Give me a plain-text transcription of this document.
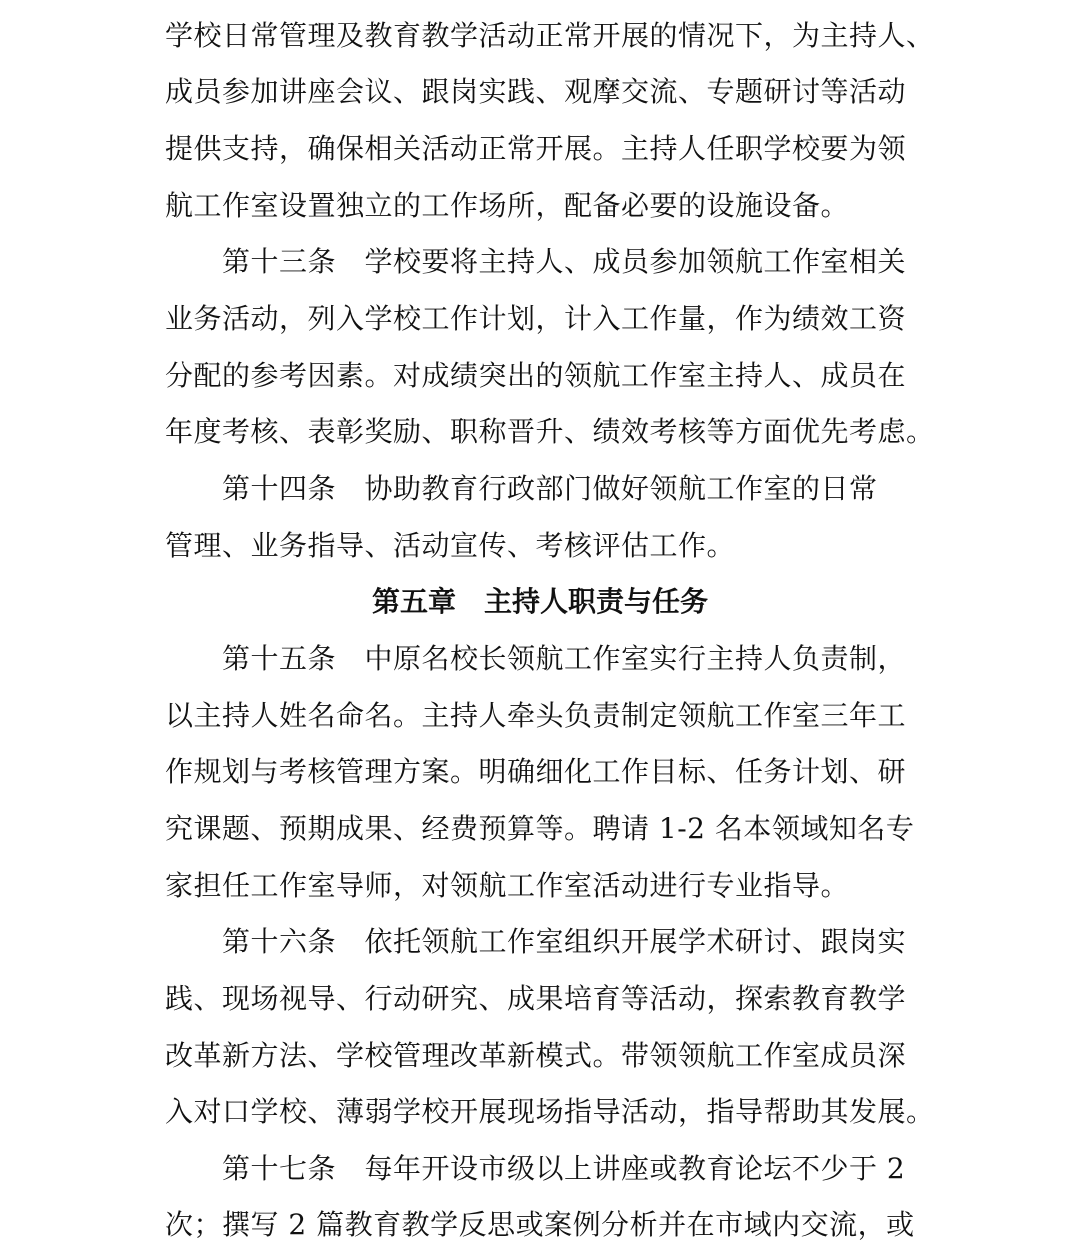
学校日常管理及教育教学活动正常开展的情况下，为主持人、
成员参加讲座会议、跟岗实践、观摩交流、专题研讨等活动
提供支持，确保相关活动正常开展。主持人任职学校要为领
航工作室设置独立的工作场所，配备必要的设施设备。
第十三条　学校要将主持人、成员参加领航工作室相关
业务活动，列入学校工作计划，计入工作量，作为绩效工资
分配的参考因素。对成绩突出的领航工作室主持人、成员在
年度考核、表彰奖励、职称晋升、绩效考核等方面优先考虑。
第十四条　协助教育行政部门做好领航工作室的日常
管理、业务指导、活动宣传、考核评估工作。
第五章　主持人职责与任务
第十五条　中原名校长领航工作室实行主持人负责制，
以主持人姓名命名。主持人牵头负责制定领航工作室三年工
作规划与考核管理方案。明确细化工作目标、任务计划、研
究课题、预期成果、经费预算等。聘请 1-2 名本领域知名专
家担任工作室导师，对领航工作室活动进行专业指导。
第十六条　依托领航工作室组织开展学术研讨、跟岗实
践、现场视导、行动研究、成果培育等活动，探索教育教学
改革新方法、学校管理改革新模式。带领领航工作室成员深
入对口学校、薄弱学校开展现场指导活动，指导帮助其发展。
第十七条　每年开设市级以上讲座或教育论坛不少于 2
次；撰写 2 篇教育教学反思或案例分析并在市域内交流，或
